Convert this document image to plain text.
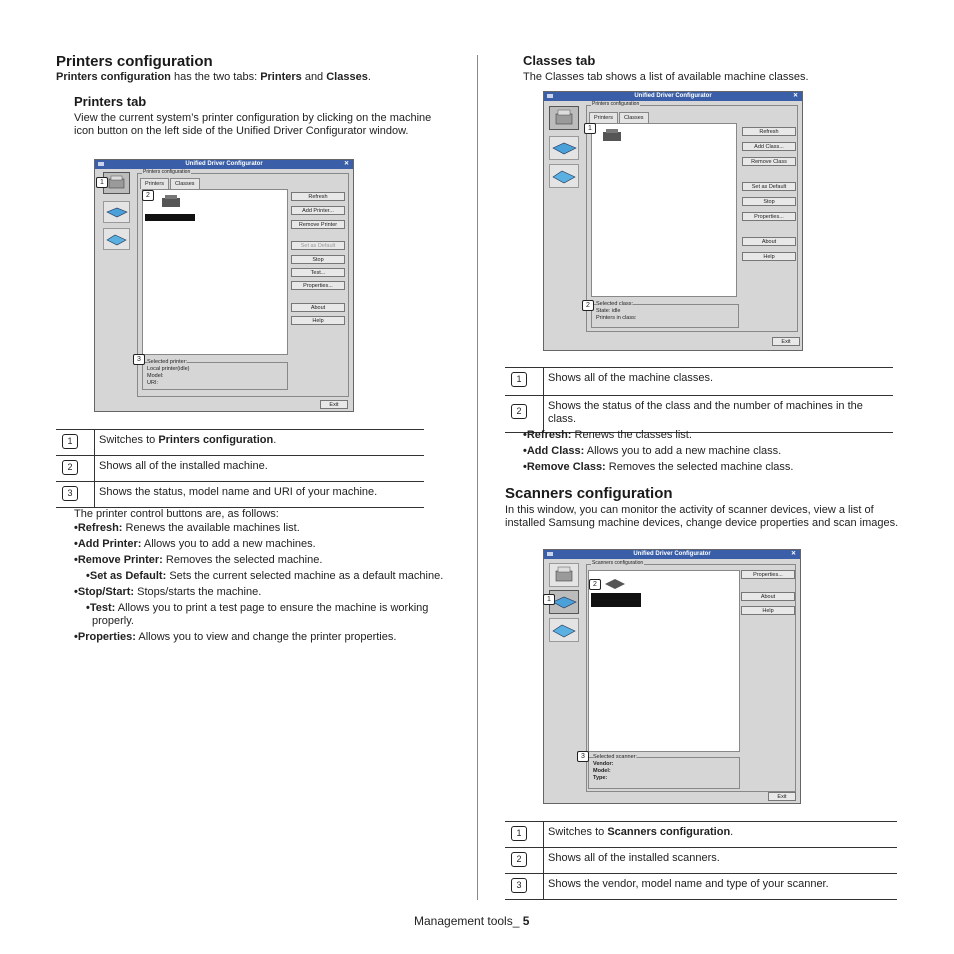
Printers configuration
Printers configuration has the two tabs: Printers and Classes.
Printers tab
View the current system’s printer configuration by clicking on the machine icon button on the left side of the Unified Driver Configurator window.
Unified Driver Configurator	✕
Printers configuration
Printers	Classes
Refresh
Add Printer...
Remove Printer
Set as Default
Stop
Test...
Properties...
About
Help
Selected printer:
Local printer(idle)
Model:
URI:
Exit
1
2
3
1	Switches to Printers configuration.
2	Shows all of the installed machine.
3	Shows the status, model name and URI of your machine.
The printer control buttons are, as follows:
•Refresh: Renews the available machines list.
•Add Printer: Allows you to add a new machines.
•Remove Printer: Removes the selected machine.
•Set as Default: Sets the current selected machine as a default machine.
•Stop/Start: Stops/starts the machine.
•Test: Allows you to print a test page to ensure the machine is working properly.
•Properties: Allows you to view and change the printer properties.
Classes tab
The Classes tab shows a list of available machine classes.
Unified Driver Configurator	✕
Printers configuration
Printers	Classes
Refresh
Add Class...
Remove Class
Set as Default
Stop
Properties...
About
Help
Selected class:
State: idle
Printers in class:
Exit
1
2
1	Shows all of the machine classes.
2	Shows the status of the class and the number of machines in the class.
•Refresh: Renews the classes list.
•Add Class: Allows you to add a new machine class.
•Remove Class: Removes the selected machine class.
Scanners configuration
In this window, you can monitor the activity of scanner devices, view a list of installed Samsung machine devices, change device properties and scan images.
Unified Driver Configurator	✕
Scanners configuration
Properties...
About
Help
Selected scanner:
Vendor:
Model:
Type:
Exit
1
2
3
1	Switches to Scanners configuration.
2	Shows all of the installed scanners.
3	Shows the vendor, model name and type of your scanner.
Management tools_ 5
